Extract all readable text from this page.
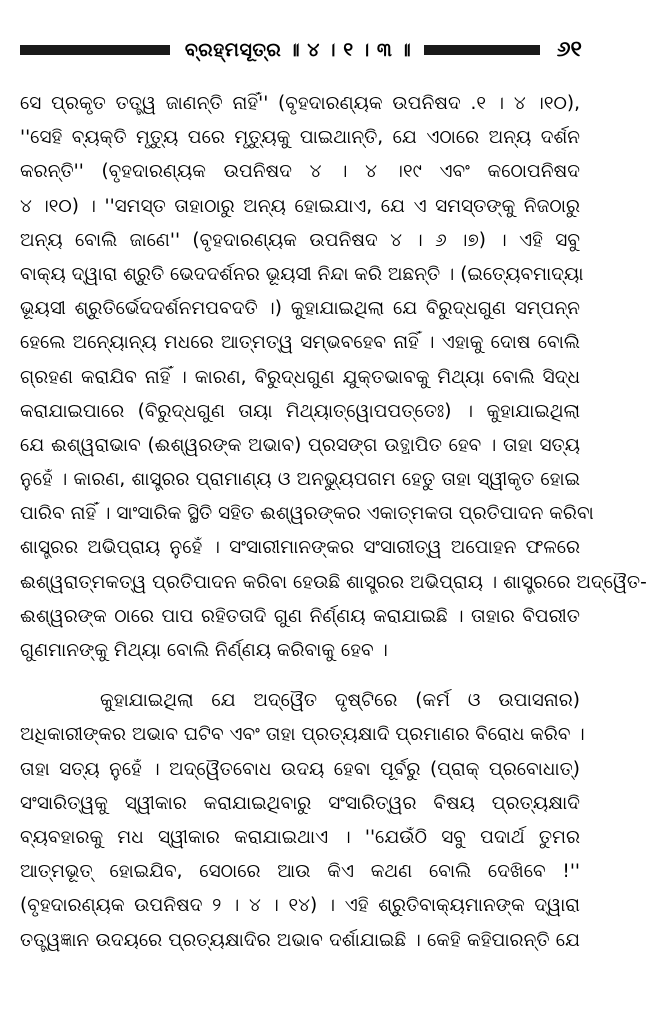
ବ୍ରହ୍ମସୂତ୍ର ॥ ୪ । ୧ । ୩ ॥	୬୧
ସେ ପ୍ରକୃତ ତତ୍ତ୍ୱ ଜାଣନ୍ତି ନାହିଁ'' (ବୃହଦାରଣ୍ୟକ ଉପନିଷଦ .୧ । ୪ ।୧୦),
''ସେହି ବ୍ୟକ୍ତି ମୃତ୍ୟୁ ପରେ ମୃତ୍ୟୁକୁ ପାଇଥାନ୍ତି, ଯେ ଏଠାରେ ଅନ୍ୟ ଦର୍ଶନ
କରନ୍ତି'' (ବୃହଦାରଣ୍ୟକ ଉପନିଷଦ ୪ । ୪ ।୧୯ ଏବଂ କଠୋପନିଷଦ
୪ ।୧୦) । ''ସମସ୍ତ ତାହାଠାରୁ ଅନ୍ୟ ହୋଇଯାଏ, ଯେ ଏ ସମସ୍ତଙ୍କୁ ନିଜଠାରୁ
ଅନ୍ୟ ବୋଲି ଜାଣେ'' (ବୃହଦାରଣ୍ୟକ ଉପନିଷଦ ୪ । ୬ ।୭) । ଏହି ସବୁ
ବାକ୍ୟ ଦ୍ୱାରା ଶ୍ରୁତି ଭେଦଦର୍ଶନର ଭୂୟସୀ ନିନ୍ଦା କରି ଅଛନ୍ତି । (ଇତ୍ୟେବମାଦ୍ୟା
ଭୂୟସୀ ଶ୍ରୁତିର୍ଭେଦଦର୍ଶନମପବଦତି ।) କୁହାଯାଇଥିଲା ଯେ ବିରୁଦ୍ଧଗୁଣ ସମ୍ପନ୍ନ
ହେଲେ ଅନ୍ୟୋନ୍ୟ ମଧରେ ଆତ୍ମତ୍ୱ ସମ୍ଭବହେବ ନାହିଁ । ଏହାକୁ ଦୋଷ ବୋଲି
ଗ୍ରହଣ କରାଯିବ ନାହିଁ । କାରଣ, ବିରୁଦ୍ଧଗୁଣ ଯୁକ୍ତଭାବକୁ ମିଥ୍ୟା ବୋଲି ସିଦ୍ଧ
କରାଯାଇପାରେ (ବିରୁଦ୍ଧଗୁଣ ତାୟା ମିଥ୍ୟାତ୍ୱୋପପତ୍ତେଃ) । କୁହାଯାଇଥିଲା
ଯେ ଈଶ୍ୱରାଭାବ (ଈଶ୍ୱରଙ୍କ ଅଭାବ) ପ୍ରସଙ୍ଗ ଉତ୍ଥାପିତ ହେବ । ତାହା ସତ୍ୟ
ନୁହେଁ । କାରଣ, ଶାସ୍ତ୍ରର ପ୍ରାମାଣ୍ୟ ଓ ଅନଭ୍ୟୁପଗମ ହେତୁ ତାହା ସ୍ୱୀକୃତ ହୋଇ
ପାରିବ ନାହିଁ । ସାଂସାରିକ ସ୍ଥିତି ସହିତ ଈଶ୍ୱରଙ୍କର ଏକାତ୍ମକତା ପ୍ରତିପାଦନ କରିବା
ଶାସ୍ତ୍ରର ଅଭିପ୍ରାୟ ନୁହେଁ । ସଂସାରୀମାନଙ୍କର ସଂସାରୀତ୍ୱ ଅପୋହନ ଫଳରେ
ଈଶ୍ୱରାତ୍ମକତ୍ୱ ପ୍ରତିପାଦନ କରିବା ହେଉଛି ଶାସ୍ତ୍ରର ଅଭିପ୍ରାୟ । ଶାସ୍ତ୍ରରେ ଅଦ୍ୱୈତ-
ଈଶ୍ୱରଙ୍କ ଠାରେ ପାପ ରହିତତାଦି ଗୁଣ ନିର୍ଣ୍ଣୟ କରାଯାଇଛି । ତାହାର ବିପରୀତ
ଗୁଣମାନଙ୍କୁ ମିଥ୍ୟା ବୋଲି ନିର୍ଣ୍ଣୟ କରିବାକୁ ହେବ ।
କୁହାଯାଇଥିଲା ଯେ ଅଦ୍ୱୈତ ଦୃଷ୍ଟିରେ (କର୍ମ ଓ ଉପାସନାର)
ଅଧିକାରୀଙ୍କର ଅଭାବ ଘଟିବ ଏବଂ ତାହା ପ୍ରତ୍ୟକ୍ଷାଦି ପ୍ରମାଣର ବିରୋଧ କରିବ ।
ତାହା ସତ୍ୟ ନୁହେଁ । ଅଦ୍ୱୈତବୋଧ ଉଦୟ ହେବା ପୂର୍ବରୁ (ପ୍ରାକ୍ ପ୍ରବୋଧାତ୍)
ସଂସାରିତ୍ୱକୁ ସ୍ୱୀକାର କରାଯାଇଥିବାରୁ ସଂସାରିତ୍ୱର ବିଷୟ ପ୍ରତ୍ୟକ୍ଷାଦି
ବ୍ୟବହାରକୁ ମଧ ସ୍ୱୀକାର କରାଯାଇଥାଏ । ''ଯେଉଁଠି ସବୁ ପଦାର୍ଥ ତୁମର
ଆତ୍ମଭୂତ୍ ହୋଇଯିବ, ସେଠାରେ ଆଉ କିଏ କଥଣ ବୋଲି ଦେଖିବେ !''
(ବୃହଦାରଣ୍ୟକ ଉପନିଷଦ ୨ । ୪ । ୧୪) । ଏହି ଶ୍ରୁତିବାକ୍ୟମାନଙ୍କ ଦ୍ୱାରା
ତତ୍ତ୍ୱଜ୍ଞାନ ଉଦୟରେ ପ୍ରତ୍ୟକ୍ଷାଦିର ଅଭାବ ଦର୍ଶାଯାଇଛି । କେହି କହିପାରନ୍ତି ଯେ
